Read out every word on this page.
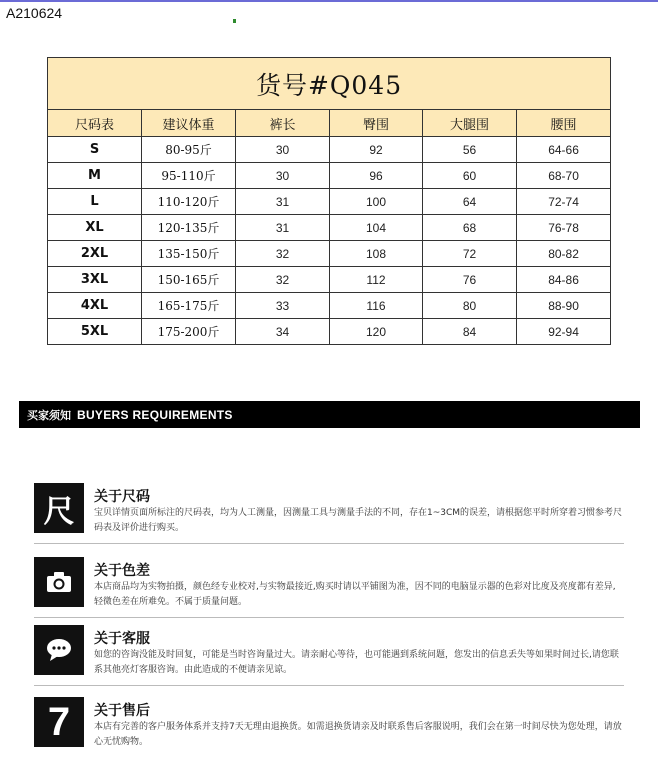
A210624
货号#Q045					
尺码表	建议体重	裤长	臀围	大腿围	腰围
S	80-95斤	30	92	56	64-66
M	95-110斤	30	96	60	68-70
L	110-120斤	31	100	64	72-74
XL	120-135斤	31	104	68	76-78
2XL	135-150斤	32	108	72	80-82
3XL	150-165斤	32	112	76	84-86
4XL	165-175斤	33	116	80	88-90
5XL	175-200斤	34	120	84	92-94
买家须知 BUYERS REQUIREMENTS
尺 关于尺码
宝贝详情页面所标注的尺码表，均为人工测量，因测量工具与测量手法的不同，存在1~3CM的误差，请根据您平时所穿着习惯参考尺码表及评价进行购买。
关于色差
本店商品均为实物拍摄，颜色经专业校对,与实物最接近,购买时请以平铺图为准，因不同的电脑显示器的色彩对比度及亮度都有差异,轻微色差在所难免。不属于质量问题。
关于客服
如您的咨询没能及时回复，可能是当时咨询量过大。请亲耐心等待，也可能遇到系统问题，您发出的信息丢失等如果时间过长,请您联系其他亮灯客服咨询。由此造成的不便请亲见谅。
7 关于售后
本店有完善的客户服务体系并支持7天无理由退换货。如需退换货请亲及时联系售后客服说明，我们会在第一时间尽快为您处理，请放心无忧购物。
